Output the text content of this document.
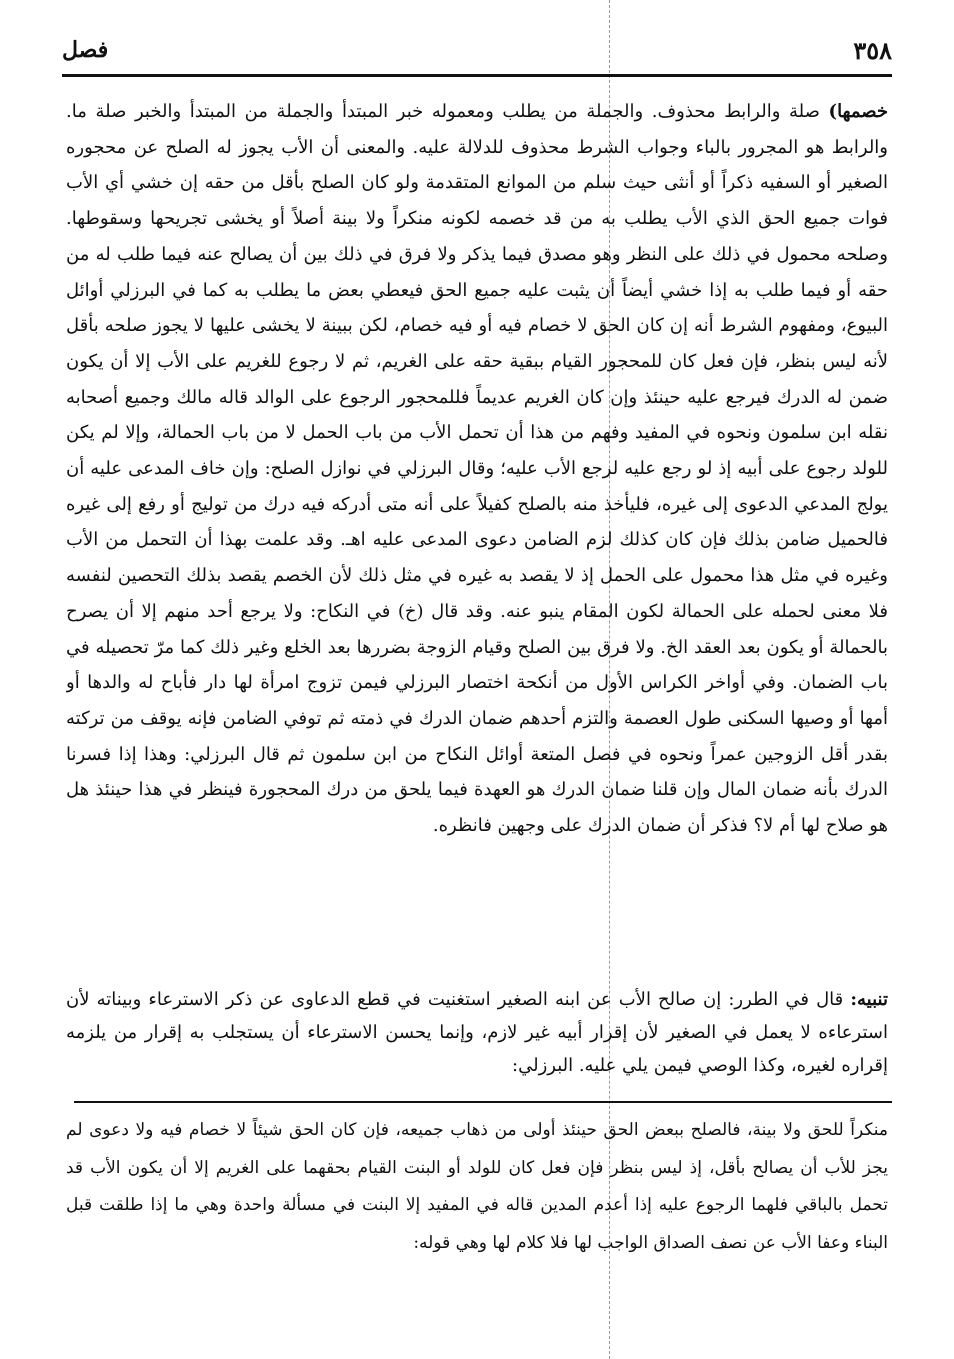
٣٥٨
فصل

خصمها) صلة والرابط محذوف. والجملة من يطلب ومعموله خبر المبتدأ والجملة من المبتدأ والخبر صلة ما. والرابط هو المجرور بالباء وجواب الشرط محذوف للدلالة عليه. والمعنى أن الأب يجوز له الصلح عن محجوره الصغير أو السفيه ذكراً أو أنثى حيث سلم من الموانع المتقدمة ولو كان الصلح بأقل من حقه إن خشي أي الأب فوات جميع الحق الذي الأب يطلب به من قد خصمه لكونه منكراً ولا بينة أصلاً أو يخشى تجريحها وسقوطها. وصلحه محمول في ذلك على النظر وهو مصدق فيما يذكر ولا فرق في ذلك بين أن يصالح عنه فيما طلب له من حقه أو فيما طلب به إذا خشي أيضاً أن يثبت عليه جميع الحق فيعطي بعض ما يطلب به كما في البرزلي أوائل البيوع، ومفهوم الشرط أنه إن كان الحق لا خصام فيه أو فيه خصام، لكن ببينة لا يخشى عليها لا يجوز صلحه بأقل لأنه ليس بنظر، فإن فعل كان للمحجور القيام ببقية حقه على الغريم، ثم لا رجوع للغريم على الأب إلا أن يكون ضمن له الدرك فيرجع عليه حينئذ وإن كان الغريم عديماً فللمحجور الرجوع على الوالد قاله مالك وجميع أصحابه نقله ابن سلمون ونحوه في المفيد وفهم من هذا أن تحمل الأب من باب الحمل لا من باب الحمالة، وإلا لم يكن للولد رجوع على أبيه إذ لو رجع عليه لرجع الأب عليه؛ وقال البرزلي في نوازل الصلح: وإن خاف المدعى عليه أن يولج المدعي الدعوى إلى غيره، فليأخذ منه بالصلح كفيلاً على أنه متى أدركه فيه درك من توليج أو رفع إلى غيره فالحميل ضامن بذلك فإن كان كذلك لزم الضامن دعوى المدعى عليه اهـ. وقد علمت بهذا أن التحمل من الأب وغيره في مثل هذا محمول على الحمل إذ لا يقصد به غيره في مثل ذلك لأن الخصم يقصد بذلك التحصين لنفسه فلا معنى لحمله على الحمالة لكون المقام ينبو عنه. وقد قال (خ) في النكاح: ولا يرجع أحد منهم إلا أن يصرح بالحمالة أو يكون بعد العقد الخ. ولا فرق بين الصلح وقيام الزوجة بضررها بعد الخلع وغير ذلك كما مرّ تحصيله في باب الضمان. وفي أواخر الكراس الأول من أنكحة اختصار البرزلي فيمن تزوج امرأة لها دار فأباح له والدها أو أمها أو وصيها السكنى طول العصمة والتزم أحدهم ضمان الدرك في ذمته ثم توفي الضامن فإنه يوقف من تركته بقدر أقل الزوجين عمراً ونحوه في فصل المتعة أوائل النكاح من ابن سلمون ثم قال البرزلي: وهذا إذا فسرنا الدرك بأنه ضمان المال وإن قلنا ضمان الدرك هو العهدة فيما يلحق من درك المحجورة فينظر في هذا حينئذ هل هو صلاح لها أم لا؟ فذكر أن ضمان الدرك على وجهين فانظره.

تنبيه: قال في الطرر: إن صالح الأب عن ابنه الصغير استغنيت في قطع الدعاوى عن ذكر الاسترعاء وبيناته لأن استرعاءه لا يعمل في الصغير لأن إقرار أبيه غير لازم، وإنما يحسن الاسترعاء أن يستجلب به إقرار من يلزمه إقراره لغيره، وكذا الوصي فيمن يلي عليه. البرزلي:

منكراً للحق ولا بينة، فالصلح ببعض الحق حينئذ أولى من ذهاب جميعه، فإن كان الحق شيئاً لا خصام فيه ولا دعوى لم يجز للأب أن يصالح بأقل، إذ ليس بنظر فإن فعل كان للولد أو البنت القيام بحقهما على الغريم إلا أن يكون الأب قد تحمل بالباقي فلهما الرجوع عليه إذا أعدم المدين قاله في المفيد إلا البنت في مسألة واحدة وهي ما إذا طلقت قبل البناء وعفا الأب عن نصف الصداق الواجب لها فلا كلام لها وهي قوله:
